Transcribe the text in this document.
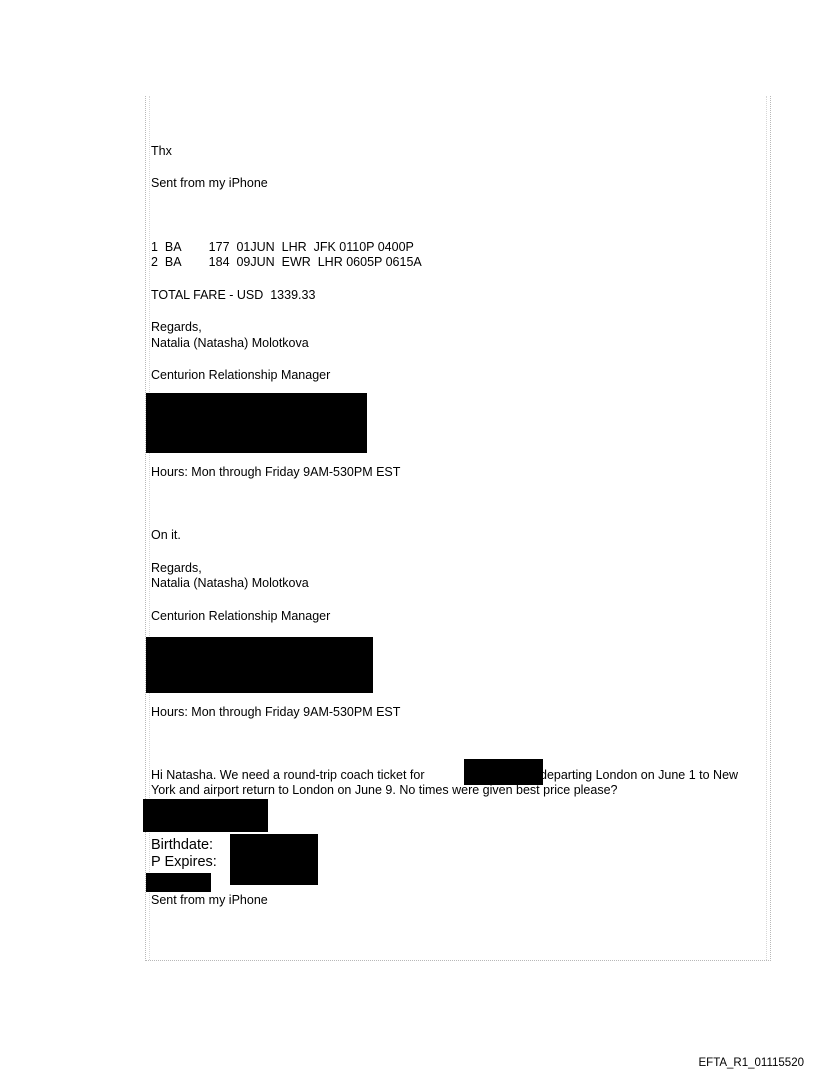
Thx
Sent from my iPhone
1  BA        177  01JUN  LHR  JFK 0110P 0400P
2  BA        184  09JUN  EWR  LHR 0605P 0615A
TOTAL FARE - USD  1339.33
Regards,
Natalia (Natasha) Molotkova
Centurion Relationship Manager
Hours: Mon through Friday 9AM-530PM EST
On it.
Regards,
Natalia (Natasha) Molotkova
Centurion Relationship Manager
Hours: Mon through Friday 9AM-530PM EST
Hi Natasha. We need a round-trip coach ticket for	departing London on June 1 to New
York and airport return to London on June 9. No times were given best price please?
Birthdate:
P Expires:
Sent from my iPhone
EFTA_R1_01115520
